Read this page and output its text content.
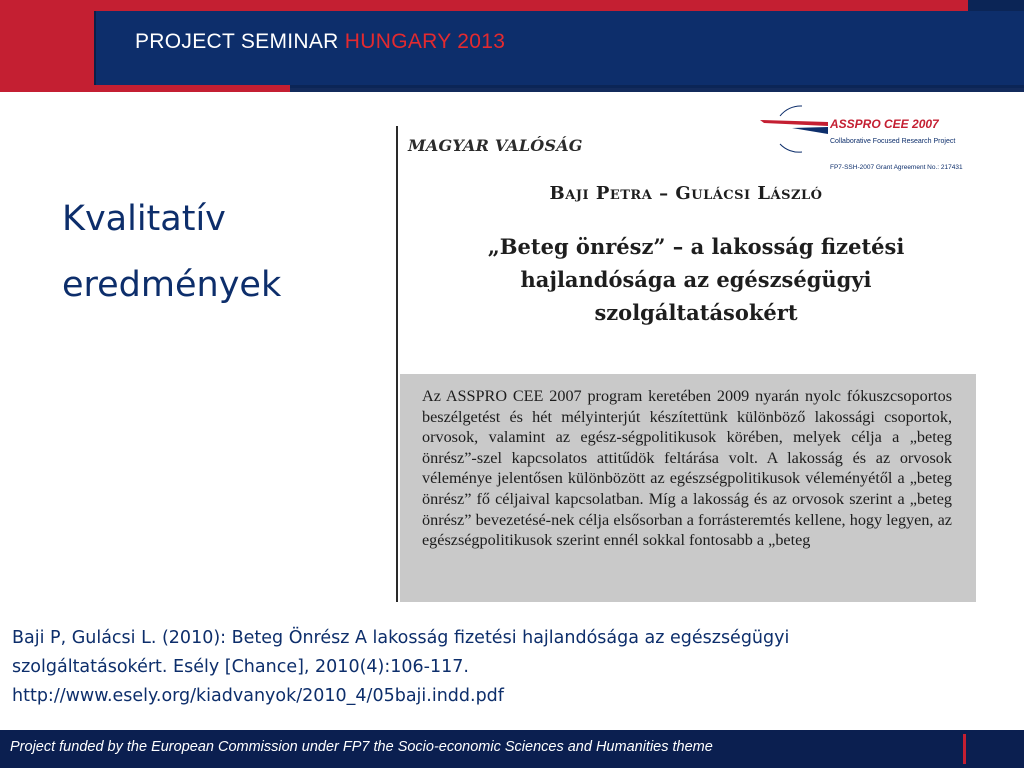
PROJECT SEMINAR HUNGARY 2013
Kvalitatív
eredmények
MAGYAR VALÓSÁG
Baji Petra – Gulácsi László
„Beteg önrész” – a lakosság fizetési hajlandósága az egészségügyi szolgáltatásokért
Az ASSPRO CEE 2007 program keretében 2009 nyarán nyolc fókuszcsoportos beszélgetést és hét mélyinterjút készítettünk különböző lakossági csoportok, orvosok, valamint az egész-ségpolitikusok körében, melyek célja a „beteg önrész”-szel kapcsolatos attitűdök feltárása volt. A lakosság és az orvosok véleménye jelentősen különbözött az egészségpolitikusok véleményétől a „beteg önrész” fő céljaival kapcsolatban. Míg a lakosság és az orvosok szerint a „beteg önrész” bevezetésé-nek célja elsősorban a forrásteremtés kellene, hogy legyen, az egészségpolitikusok szerint ennél sokkal fontosabb a „beteg
ASSPRO CEE 2007
Collaborative Focused Research Project
FP7-SSH-2007 Grant Agreement No.: 217431
Baji P, Gulácsi L. (2010): Beteg Önrész A lakosság fizetési hajlandósága az egészségügyi
szolgáltatásokért. Esély [Chance], 2010(4):106-117.
http://www.esely.org/kiadvanyok/2010_4/05baji.indd.pdf
Project funded by the European Commission under FP7 the Socio-economic Sciences and Humanities theme
